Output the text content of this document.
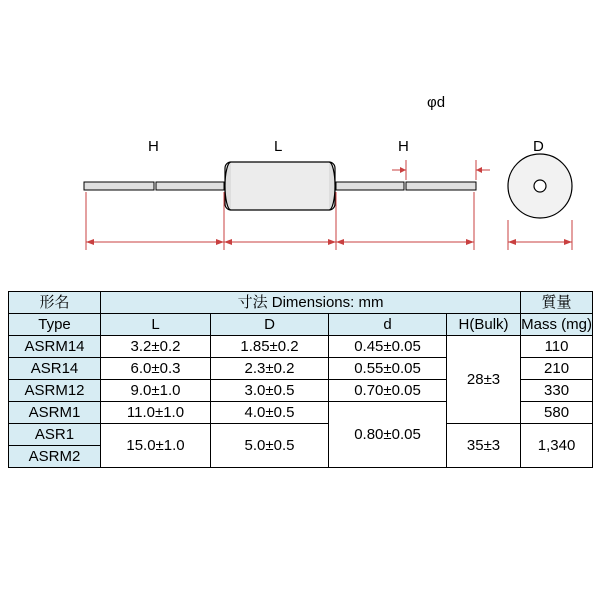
H	L	H
φd
D
形名	寸法 Dimensions: mm				質量
Type	L	D	d	H(Bulk)	Mass (mg)
ASRM14	3.2±0.2	1.85±0.2	0.45±0.05	28±3	110
ASR14	6.0±0.3	2.3±0.2	0.55±0.05		210
ASRM12	9.0±1.0	3.0±0.5	0.70±0.05		330
ASRM1	11.0±1.0	4.0±0.5	0.80±0.05		580
ASR1	15.0±1.0	5.0±0.5		35±3	1,340
ASRM2					
